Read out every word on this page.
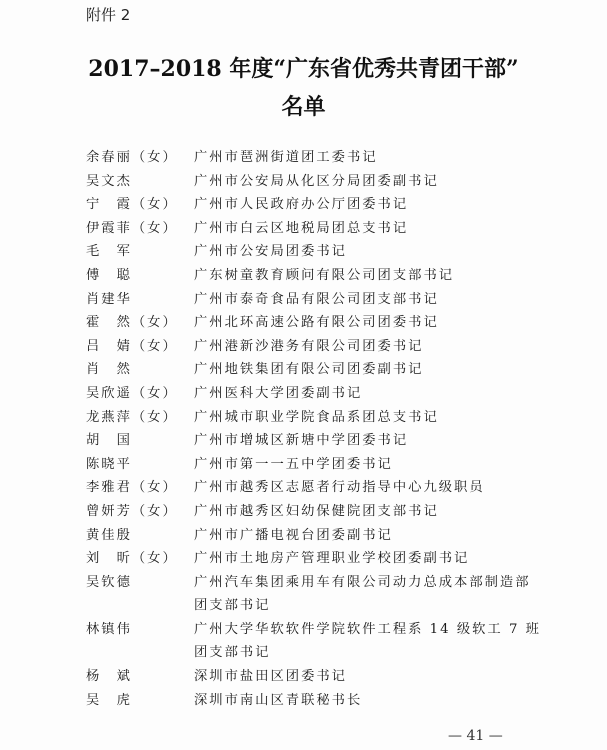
附件 2
2017–2018 年度“广东省优秀共青团干部”
名单
余春丽（女）	广州市琶洲街道团工委书记
吴文杰	广州市公安局从化区分局团委副书记
宁　霞（女）	广州市人民政府办公厅团委书记
伊霞菲（女）	广州市白云区地税局团总支书记
毛　军	广州市公安局团委书记
傅　聪	广东树童教育顾问有限公司团支部书记
肖建华	广州市泰奇食品有限公司团支部书记
霍　然（女）	广州北环高速公路有限公司团委书记
吕　婧（女）	广州港新沙港务有限公司团委书记
肖　然	广州地铁集团有限公司团委副书记
吴欣遥（女）	广州医科大学团委副书记
龙燕萍（女）	广州城市职业学院食品系团总支书记
胡　国	广州市增城区新塘中学团委书记
陈晓平	广州市第一一五中学团委书记
李雅君（女）	广州市越秀区志愿者行动指导中心九级职员
曾妍芳（女）	广州市越秀区妇幼保健院团支部书记
黄佳殷	广州市广播电视台团委副书记
刘　昕（女）	广州市土地房产管理职业学校团委副书记
吴钦德	广州汽车集团乘用车有限公司动力总成本部制造部
团支部书记
林镇伟	广州大学华软软件学院软件工程系 14 级软工 7 班
团支部书记
杨　斌	深圳市盐田区团委书记
吴　虎	深圳市南山区青联秘书长
— 41 —
